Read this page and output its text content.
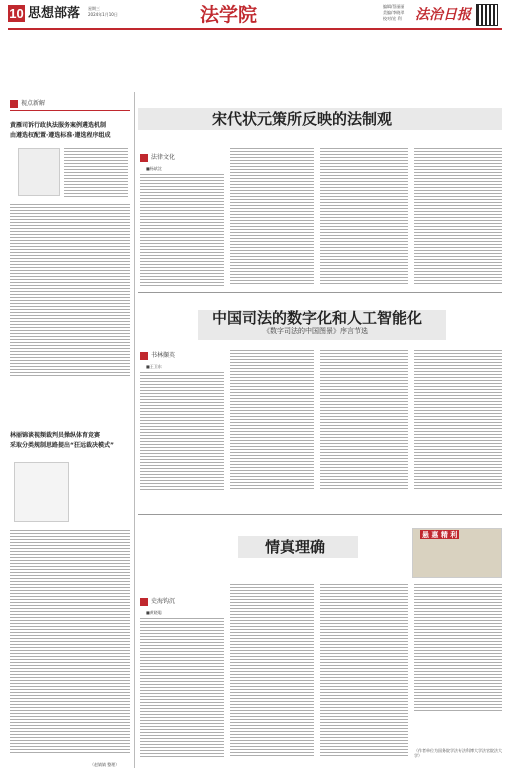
10 思想部落 星期三
2024年1月10日	法学院	编辑/蔡丽丽
美编/李晓翠
校对/宏 利 法治日报
视点新解
黄雁司诉行政执法服务案例遴选机制
由遵选权配置·遵选标准·遵选程序组成
林丽锦谈视频裁判员操纵体育竞赛
采取分类规制思路提出“狂远裁决模式”
（赵婧婧 整理）
宋代状元策所反映的法制观
法律文化
■杨斌沈
中国司法的数字化和人工智能化
《数字司法的中国图景》序言节选
书林撷英
■王卫东
情真理确
悬 惠 精 利
史海钩沉
■黄晓聪
（作者单位为国务院学法专法科博大学法官院法大学）
